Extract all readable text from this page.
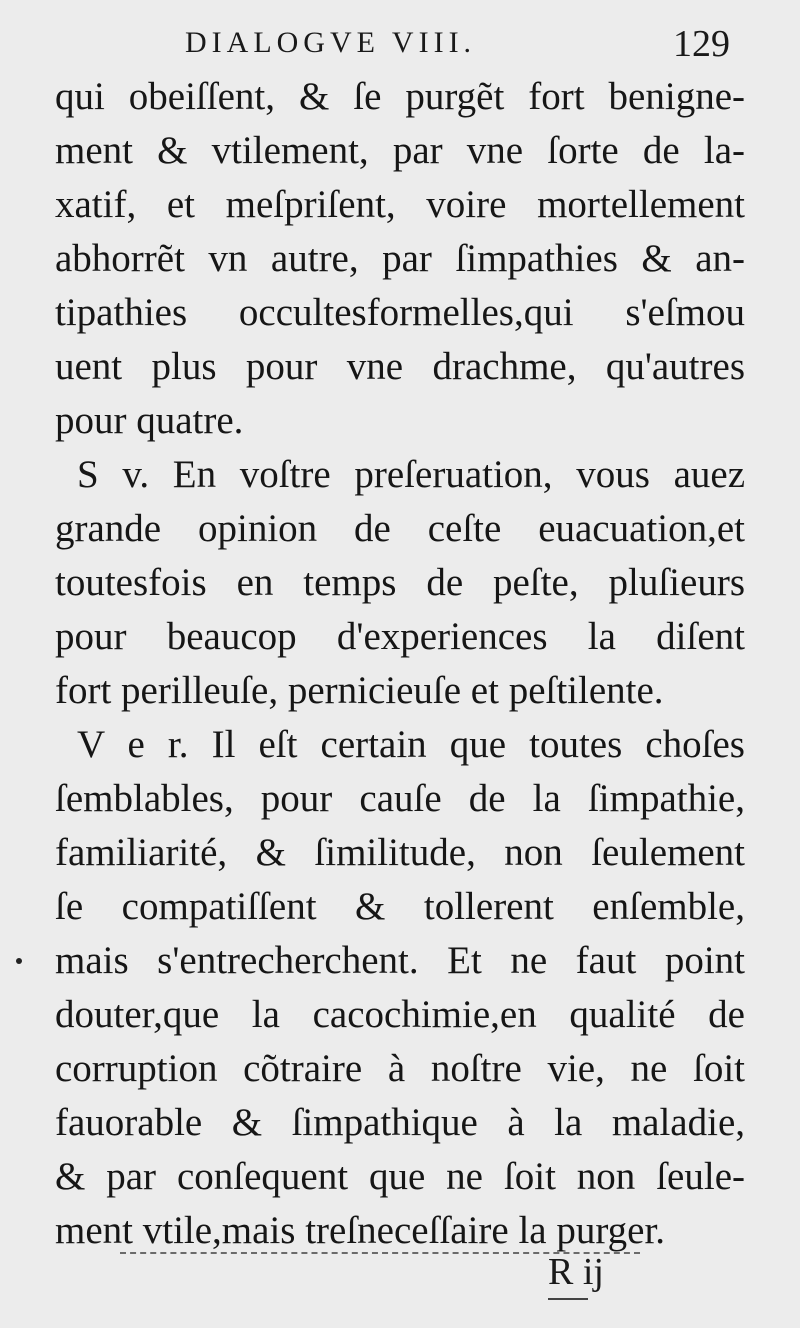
DIALOGVE VIII.	129
qui obeiſſent, & ſe purgẽt fort benigne-
ment & vtilement, par vne ſorte de la-
xatif, et meſpriſent, voire mortellement
abhorrẽt vn autre, par ſimpathies & an-
tipathies occultesformelles,qui s'eſmou
uent plus pour vne drachme, qu'autres
pour quatre.
S v. En voſtre preſeruation, vous auez
grande opinion de ceſte euacuation,et
toutesfois en temps de peſte, pluſieurs
pour beaucop d'experiences la diſent
fort perilleuſe, pernicieuſe et peſtilente.
V e r. Il eſt certain que toutes choſes
ſemblables, pour cauſe de la ſimpathie,
familiarité, & ſimilitude, non ſeulement
ſe compatiſſent & tollerent enſemble,
mais s'entrecherchent. Et ne faut point
douter,que la cacochimie,en qualité de
corruption cõtraire à noſtre vie, ne ſoit
fauorable & ſimpathique à la maladie,
& par conſequent que ne ſoit non ſeule-
ment vtile,mais treſneceſſaire la purger.
R ij
